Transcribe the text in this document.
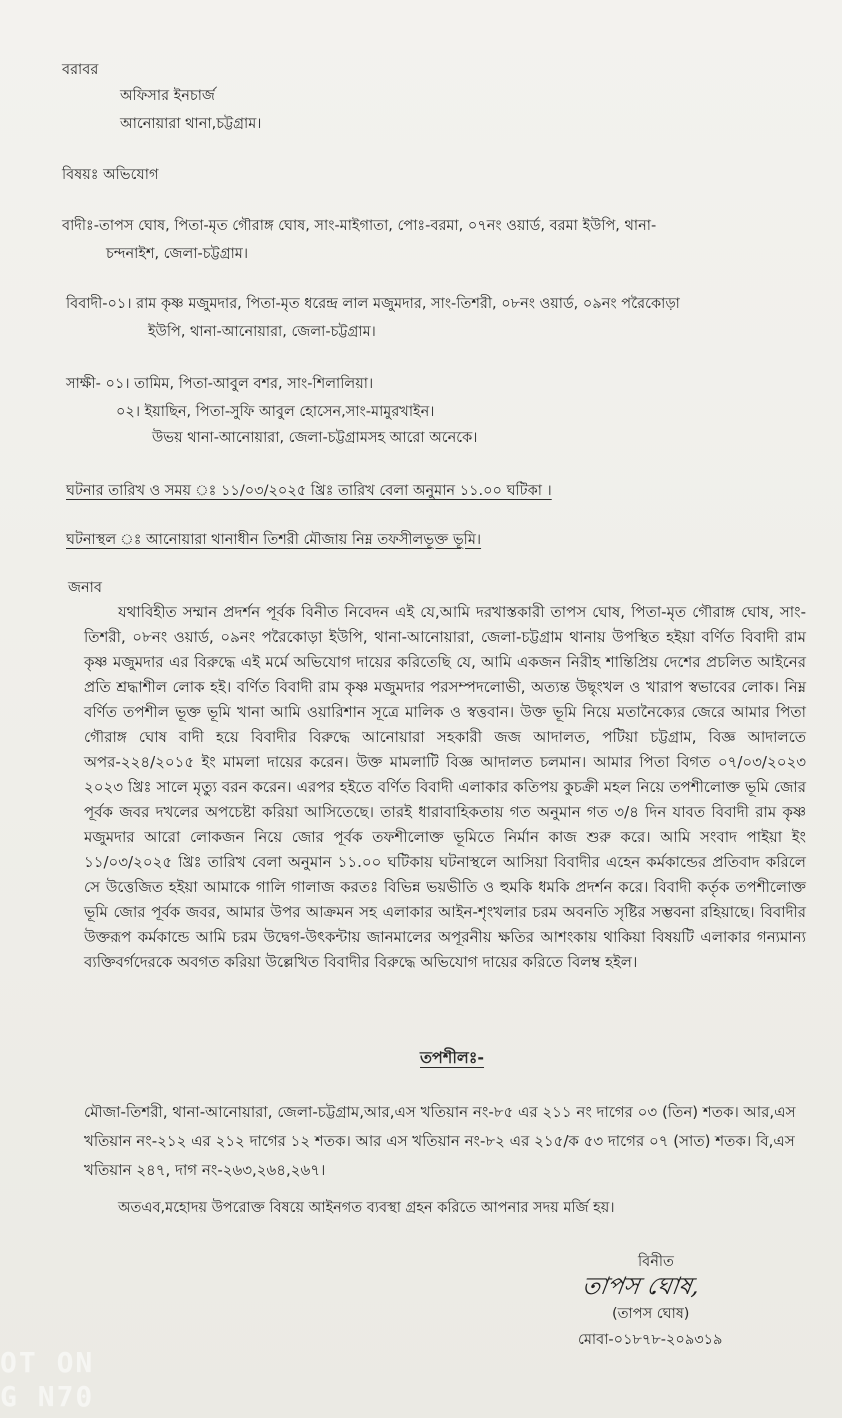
বরাবর
অফিসার ইনচার্জ
আনোয়ারা থানা,চট্টগ্রাম।
বিষয়ঃ অভিযোগ
বাদীঃ-তাপস ঘোষ, পিতা-মৃত গৌরাঙ্গ ঘোষ, সাং-মাইগাতা, পোঃ-বরমা, ০৭নং ওয়ার্ড, বরমা ইউপি, থানা-
চন্দনাইশ, জেলা-চট্টগ্রাম।
বিবাদী-০১। রাম কৃষ্ণ মজুমদার, পিতা-মৃত ধরেন্দ্র লাল মজুমদার, সাং-তিশরী, ০৮নং ওয়ার্ড, ০৯নং পরৈকোড়া
ইউপি, থানা-আনোয়ারা, জেলা-চট্টগ্রাম।
সাক্ষী- ০১। তামিম, পিতা-আবুল বশর, সাং-শিলালিয়া।
০২। ইয়াছিন, পিতা-সুফি আবুল হোসেন,সাং-মামুরখাইন।
উভয় থানা-আনোয়ারা, জেলা-চট্টগ্রামসহ আরো অনেকে।
ঘটনার তারিখ ও সময় ঃ ১১/০৩/২০২৫ খ্রিঃ তারিখ বেলা অনুমান ১১.০০ ঘটিকা ।
ঘটনাস্থল ঃ আনোয়ারা থানাধীন তিশরী মৌজায় নিম্ন তফসীলভূক্ত ভূমি।
জনাব

যথাবিহীত সম্মান প্রদর্শন পূর্বক বিনীত নিবেদন এই যে,আমি দরখাস্তকারী তাপস ঘোষ, পিতা-মৃত গৌরাঙ্গ ঘোষ, সাং-তিশরী, ০৮নং ওয়ার্ড, ০৯নং পরৈকোড়া ইউপি, থানা-আনোয়ারা, জেলা-চট্টগ্রাম থানায় উপস্থিত হইয়া বর্ণিত বিবাদী রাম কৃষ্ণ মজুমদার এর বিরুদ্ধে এই মর্মে অভিযোগ দায়ের করিতেছি যে, আমি একজন নিরীহ শান্তিপ্রিয় দেশের প্রচলিত আইনের প্রতি শ্রদ্ধাশীল লোক হই। বর্ণিত বিবাদী রাম কৃষ্ণ মজুমদার পরসম্পদলোভী, অত্যন্ত উছৃংখল ও খারাপ স্বভাবের লোক। নিম্ন বর্ণিত তপশীল ভূক্ত ভূমি খানা আমি ওয়ারিশান সূত্রে মালিক ও স্বত্তবান। উক্ত ভূমি নিয়ে মতানৈক্যের জেরে আমার পিতা গৌরাঙ্গ ঘোষ বাদী হয়ে বিবাদীর বিরুদ্ধে আনোয়ারা সহকারী জজ আদালত, পটিয়া চট্টগ্রাম, বিজ্ঞ আদালতে অপর-২২৪/২০১৫ ইং মামলা দায়ের করেন। উক্ত মামলাটি বিজ্ঞ আদালত চলমান। আমার পিতা বিগত ০৭/০৩/২০২৩ ২০২৩ খ্রিঃ সালে মৃত্যু বরন করেন। এরপর হইতে বর্ণিত বিবাদী এলাকার কতিপয় কুচক্রী মহল নিয়ে তপশীলোক্ত ভূমি জোর পূর্বক জবর দখলের অপচেষ্টা করিয়া আসিতেছে। তারই ধারাবাহিকতায় গত অনুমান গত ৩/৪ দিন যাবত বিবাদী রাম কৃষ্ণ মজুমদার আরো লোকজন নিয়ে জোর পূর্বক তফশীলোক্ত ভূমিতে নির্মান কাজ শুরু করে। আমি সংবাদ পাইয়া ইং ১১/০৩/২০২৫ খ্রিঃ তারিখ বেলা অনুমান ১১.০০ ঘটিকায় ঘটনাস্থলে আসিয়া বিবাদীর এহেন কর্মকান্ডের প্রতিবাদ করিলে সে উত্তেজিত হইয়া আমাকে গালি গালাজ করতঃ বিভিন্ন ভয়ভীতি ও হুমকি ধমকি প্রদর্শন করে। বিবাদী কর্তৃক তপশীলোক্ত ভূমি জোর পূর্বক জবর, আমার উপর আক্রমন সহ এলাকার আইন-শৃংখলার চরম অবনতি সৃষ্টির সম্ভবনা রহিয়াছে। বিবাদীর উক্তরূপ কর্মকান্ডে আমি চরম উদ্বেগ-উৎকন্টায় জানমালের অপূরনীয় ক্ষতির আশংকায় থাকিয়া বিষয়টি এলাকার গন্যমান্য ব্যক্তিবর্গদেরকে অবগত করিয়া উল্লেখিত বিবাদীর বিরুদ্ধে অভিযোগ দায়ের করিতে বিলম্ব হইল।

তপশীলঃ-
মৌজা-তিশরী, থানা-আনোয়ারা, জেলা-চট্টগ্রাম,আর,এস খতিয়ান নং-৮৫ এর ২১১ নং দাগের ০৩ (তিন) শতক। আর,এস খতিয়ান নং-২১২ এর ২১২ দাগের ১২ শতক। আর এস খতিয়ান নং-৮২ এর ২১৫/ক ৫৩ দাগের ০৭ (সাত) শতক। বি,এস খতিয়ান ২৪৭, দাগ নং-২৬৩,২৬৪,২৬৭।
অতএব,মহোদয় উপরোক্ত বিষয়ে আইনগত ব্যবস্থা গ্রহন করিতে আপনার সদয় মর্জি হয়।
বিনীত
তাপস ঘোষ,
(তাপস ঘোষ)
মোবা-০১৮৭৮-২০৯৩১৯
OT ON
G N70
